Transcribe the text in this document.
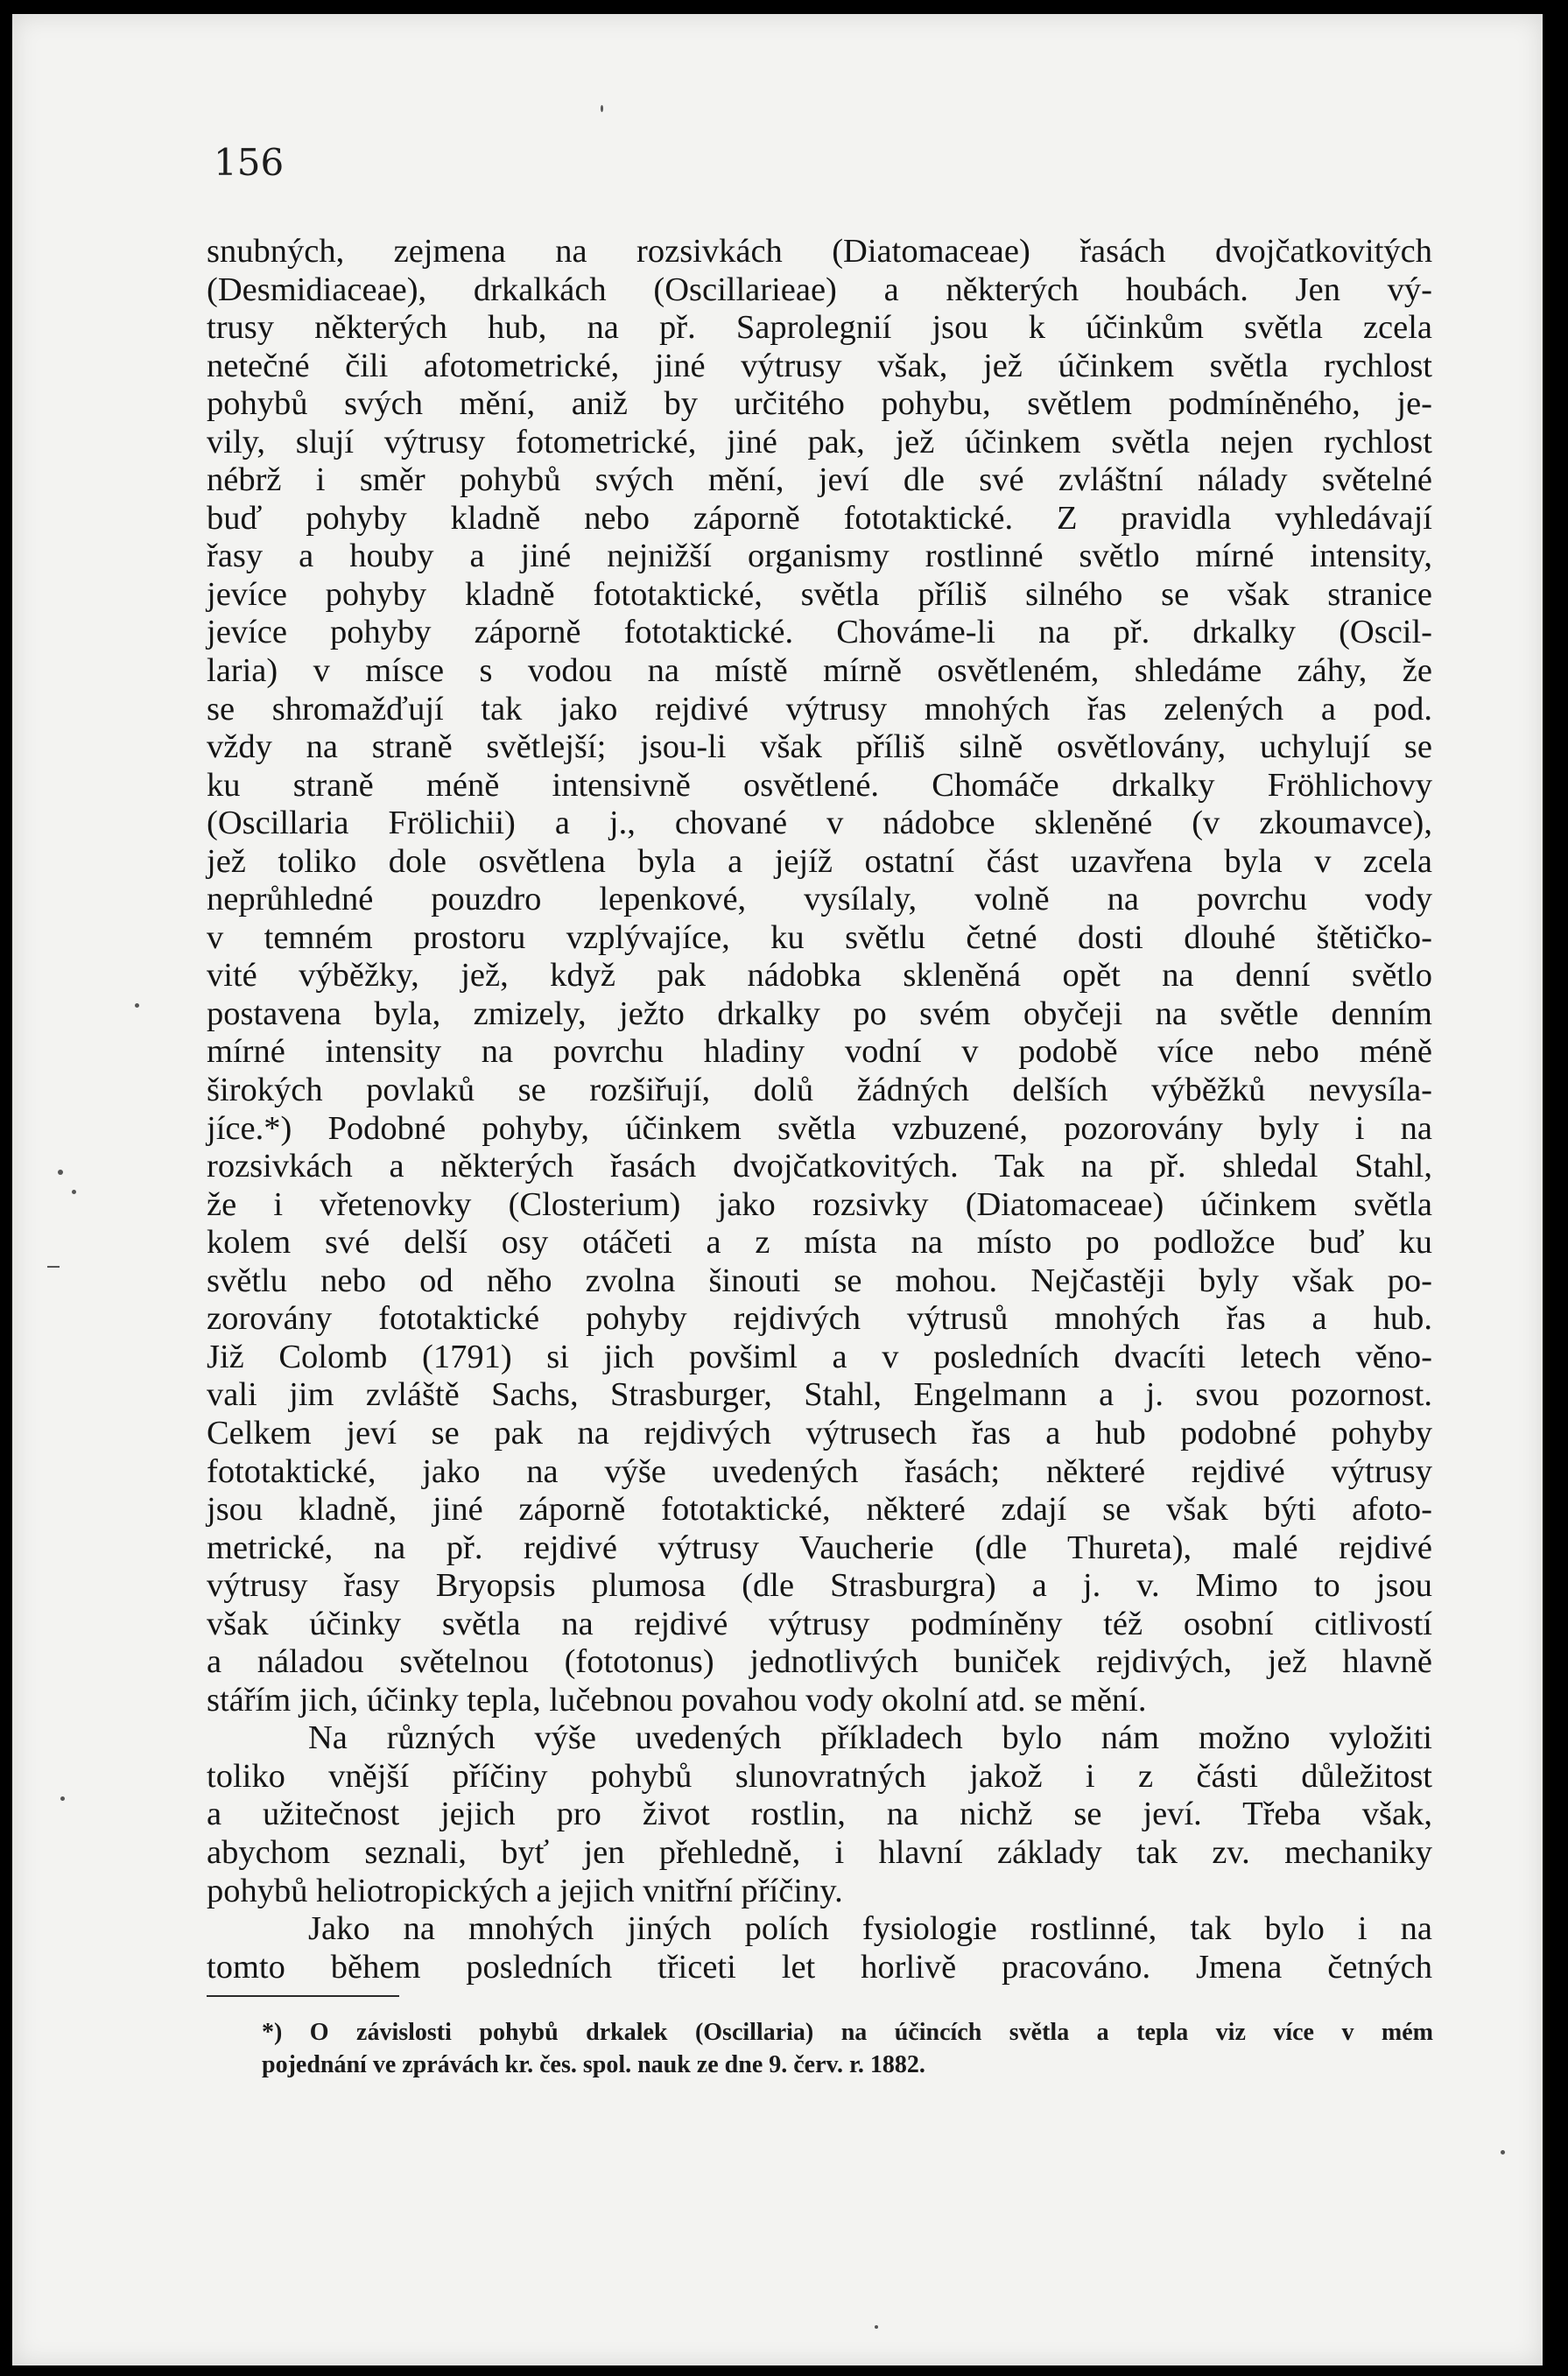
156
snubných, zejmena na rozsivkách (Diatomaceae) řasách dvojčatkovitých
(Desmidiaceae), drkalkách (Oscillarieae) a některých houbách. Jen vý-
trusy některých hub, na př. Saprolegnií jsou k účinkům světla zcela
netečné čili afotometrické, jiné výtrusy však, jež účinkem světla rychlost
pohybů svých mění, aniž by určitého pohybu, světlem podmíněného, je-
vily, slují výtrusy fotometrické, jiné pak, jež účinkem světla nejen rychlost
nébrž i směr pohybů svých mění, jeví dle své zvláštní nálady světelné
buď pohyby kladně nebo záporně fototaktické. Z pravidla vyhledávají
řasy a houby a jiné nejnižší organismy rostlinné světlo mírné intensity,
jevíce pohyby kladně fototaktické, světla příliš silného se však stranice
jevíce pohyby záporně fototaktické. Chováme-li na př. drkalky (Oscil-
laria) v mísce s vodou na místě mírně osvětleném, shledáme záhy, že
se shromažďují tak jako rejdivé výtrusy mnohých řas zelených a pod.
vždy na straně světlejší; jsou-li však příliš silně osvětlovány, uchylují se
ku straně méně intensivně osvětlené. Chomáče drkalky Fröhlichovy
(Oscillaria Frölichii) a j., chované v nádobce skleněné (v zkoumavce),
jež toliko dole osvětlena byla a jejíž ostatní část uzavřena byla v zcela
neprůhledné pouzdro lepenkové, vysílaly, volně na povrchu vody
v temném prostoru vzplývajíce, ku světlu četné dosti dlouhé štětičko-
vité výběžky, jež, když pak nádobka skleněná opět na denní světlo
postavena byla, zmizely, ježto drkalky po svém obyčeji na světle denním
mírné intensity na povrchu hladiny vodní v podobě více nebo méně
širokých povlaků se rozšiřují, dolů žádných delších výběžků nevysíla-
jíce.*) Podobné pohyby, účinkem světla vzbuzené, pozorovány byly i na
rozsivkách a některých řasách dvojčatkovitých. Tak na př. shledal Stahl,
že i vřetenovky (Closterium) jako rozsivky (Diatomaceae) účinkem světla
kolem své delší osy otáčeti a z místa na místo po podložce buď ku
světlu nebo od něho zvolna šinouti se mohou. Nejčastěji byly však po-
zorovány fototaktické pohyby rejdivých výtrusů mnohých řas a hub.
Již Colomb (1791) si jich povšiml a v posledních dvacíti letech věno-
vali jim zvláště Sachs, Strasburger, Stahl, Engelmann a j. svou pozornost.
Celkem jeví se pak na rejdivých výtrusech řas a hub podobné pohyby
fototaktické, jako na výše uvedených řasách; některé rejdivé výtrusy
jsou kladně, jiné záporně fototaktické, některé zdají se však býti afoto-
metrické, na př. rejdivé výtrusy Vaucherie (dle Thureta), malé rejdivé
výtrusy řasy Bryopsis plumosa (dle Strasburgra) a j. v. Mimo to jsou
však účinky světla na rejdivé výtrusy podmíněny též osobní citlivostí
a náladou světelnou (fototonus) jednotlivých buniček rejdivých, jež hlavně
stářím jich, účinky tepla, lučebnou povahou vody okolní atd. se mění.
Na různých výše uvedených příkladech bylo nám možno vyložiti
toliko vnější příčiny pohybů slunovratných jakož i z části důležitost
a užitečnost jejich pro život rostlin, na nichž se jeví. Třeba však,
abychom seznali, byť jen přehledně, i hlavní základy tak zv. mechaniky
pohybů heliotropických a jejich vnitřní příčiny.
Jako na mnohých jiných polích fysiologie rostlinné, tak bylo i na
tomto během posledních třiceti let horlivě pracováno. Jmena četných
*) O závislosti pohybů drkalek (Oscillaria) na účincích světla a tepla viz více v mém
pojednání ve zprávách kr. čes. spol. nauk ze dne 9. červ. r. 1882.
